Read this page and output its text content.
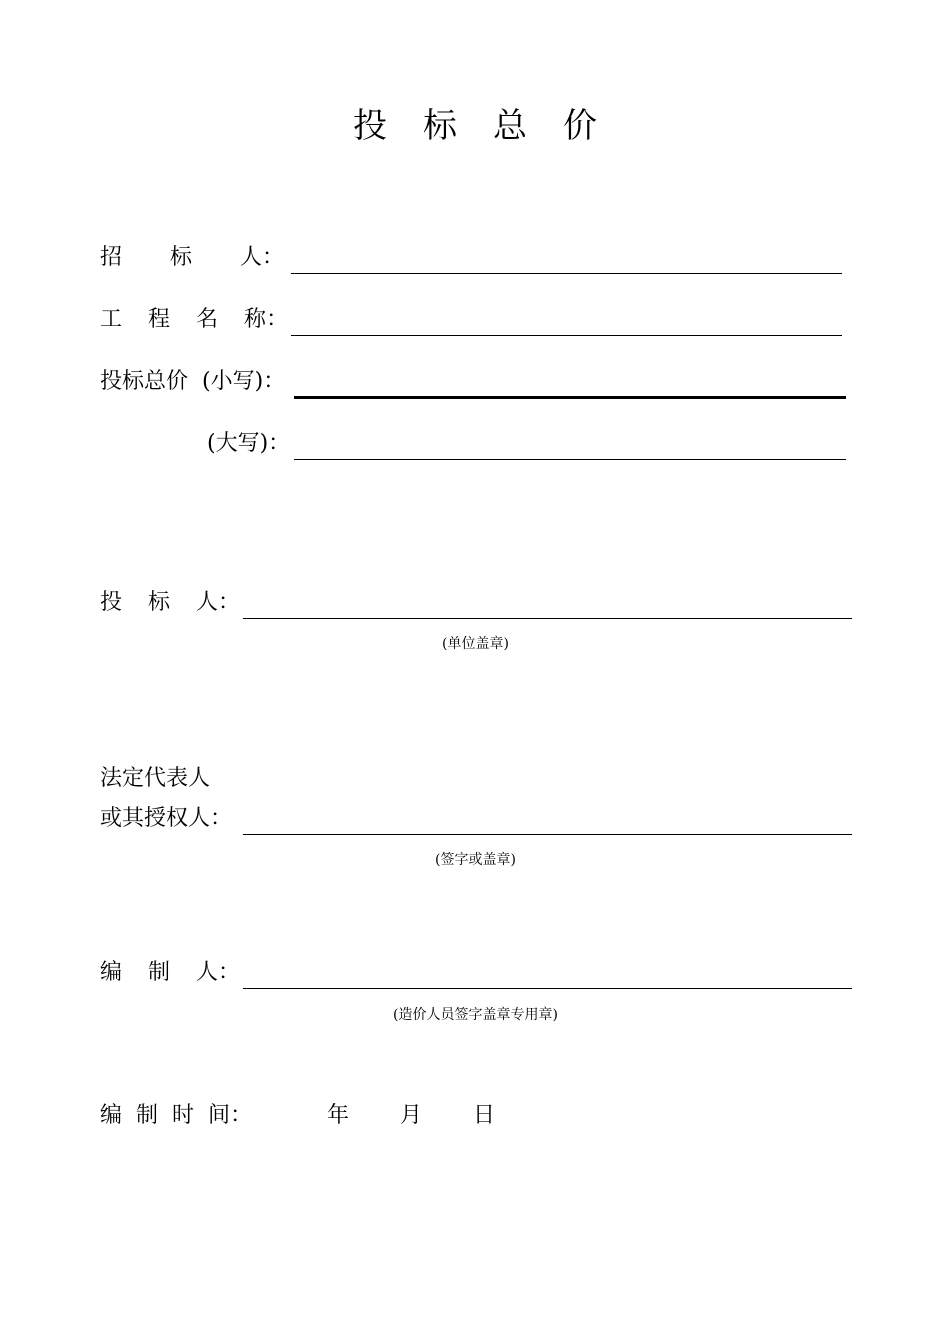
投 标 总 价
招 标 人：
工 程 名 称：
投标总价 (小写)：
(大写)：
投 标 人：
(单位盖章)
法定代表人
或其授权人：
(签字或盖章)
编 制 人：
(造价人员签字盖章专用章)
编 制 时 间：	年 月 日
